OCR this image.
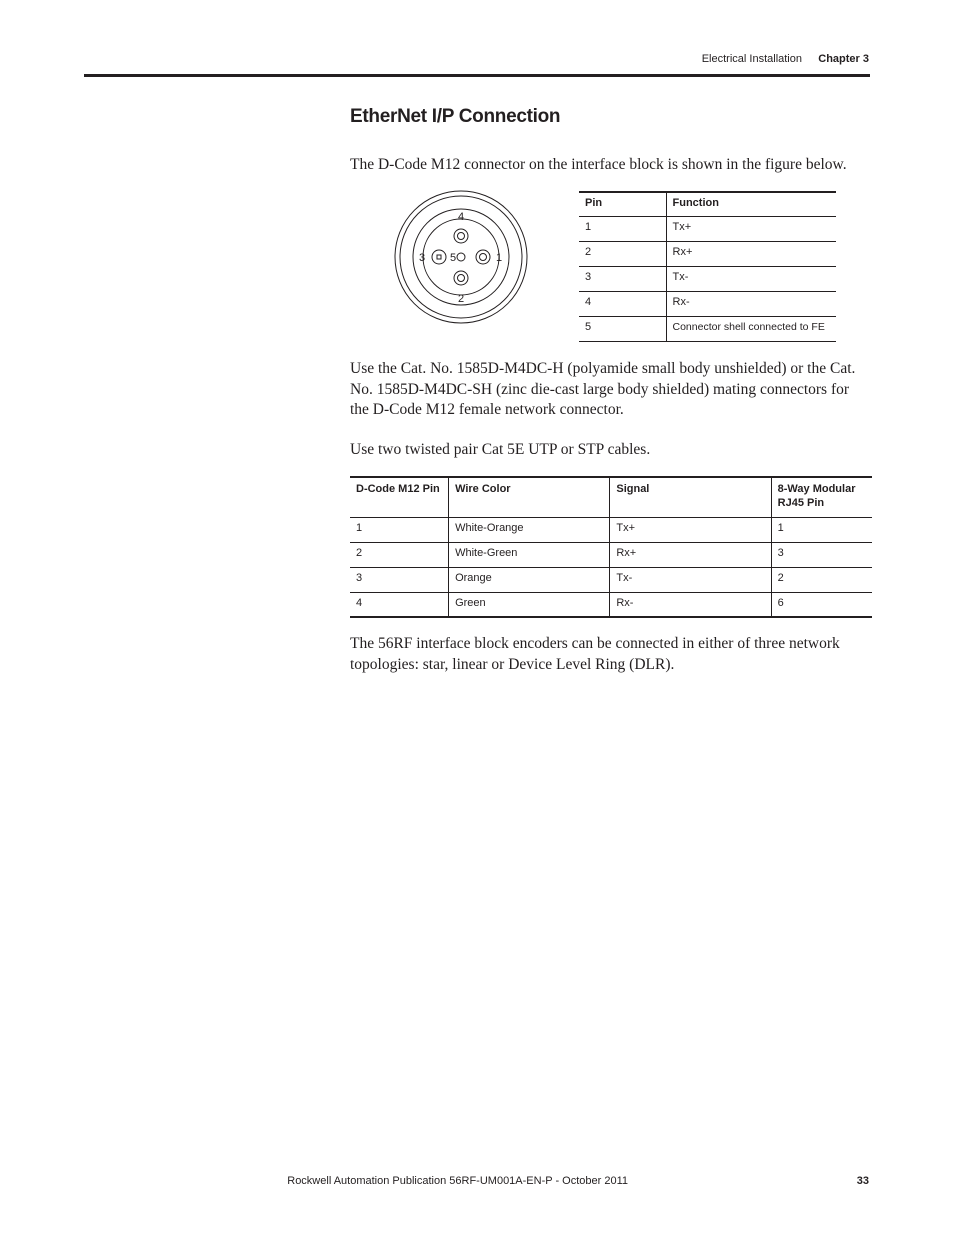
Electrical Installation Chapter 3
EtherNet I/P Connection

The D-Code M12 connector on the interface block is shown in the figure below.

4
3 5	1
2
Pin	Function
1	Tx+
2	Rx+
3	Tx-
4	Rx-
5	Connector shell connected to FE

Use the Cat. No. 1585D-M4DC-H (polyamide small body unshielded) or the Cat. No. 1585D-M4DC-SH (zinc die-cast large body shielded) mating connectors for the D-Code M12 female network connector.

Use two twisted pair Cat 5E UTP or STP cables.

D-Code M12 Pin	Wire Color	Signal	8-Way Modular RJ45 Pin
1	White-Orange	Tx+	1
2	White-Green	Rx+	3
3	Orange	Tx-	2
4	Green	Rx-	6

The 56RF interface block encoders can be connected in either of three network topologies: star, linear or Device Level Ring (DLR).

Rockwell Automation Publication 56RF-UM001A-EN-P - October 2011	33
